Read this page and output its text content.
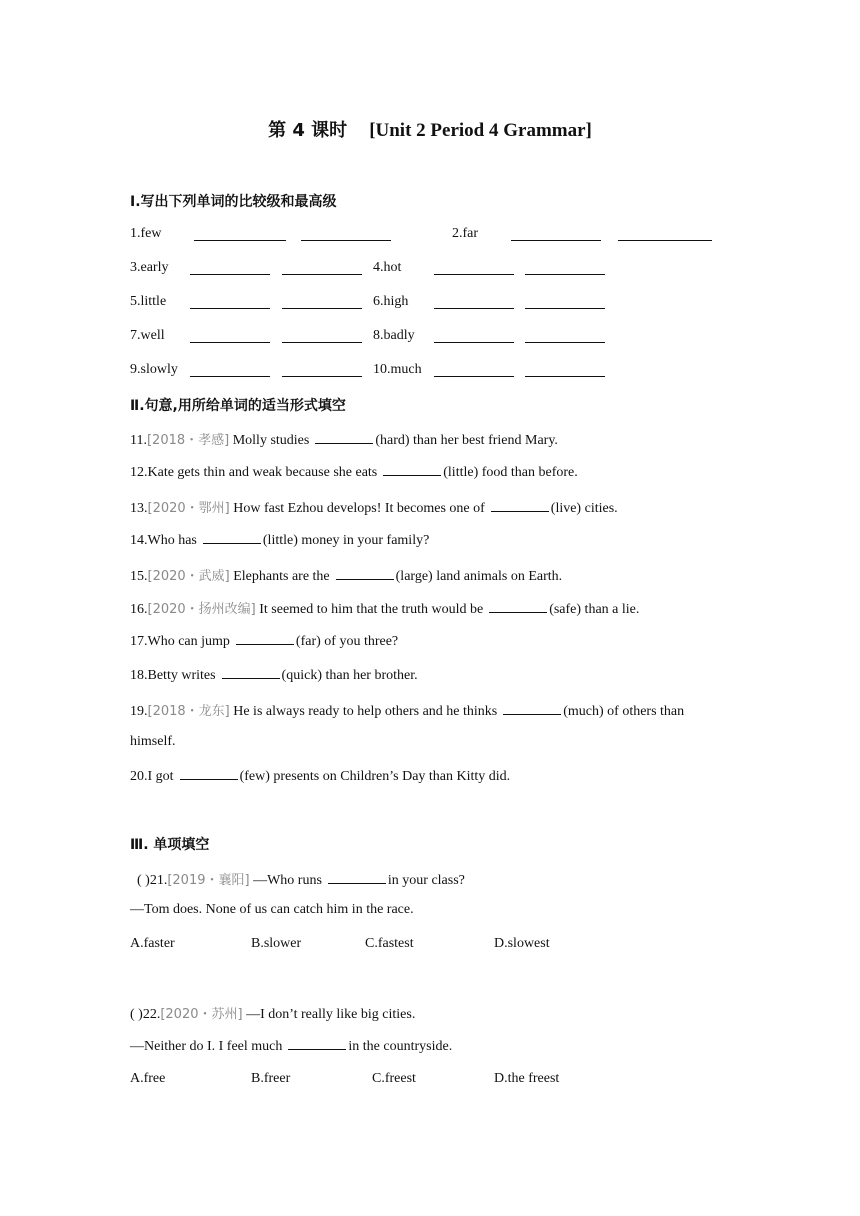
第 4 课时 [Unit 2 Period 4 Grammar]
Ⅰ.写出下列单词的比较级和最高级
1.few	2.far
3.early	4.hot
5.little	6.high
7.well	8.badly
9.slowly	10.much
Ⅱ.句意,用所给单词的适当形式填空
11.[2018・孝感] Molly studies	(hard) than her best friend Mary.
12.Kate gets thin and weak because she eats	(little) food than before.
13.[2020・鄂州] How fast Ezhou develops! It becomes one of	(live) cities.
14.Who has	(little) money in your family?
15.[2020・武威] Elephants are the	(large) land animals on Earth.
16.[2020・扬州改编] It seemed to him that the truth would be	(safe) than a lie.
17.Who can jump	(far) of you three?
18.Betty writes	(quick) than her brother.
19.[2018・龙东] He is always ready to help others and he thinks	(much) of others than
himself.
20.I got	(few) presents on Children’s Day than Kitty did.
Ⅲ. 单项填空
( )21.[2019・襄阳] —Who runs	in your class?
—Tom does. None of us can catch him in the race.
A.faster	B.slower	C.fastest	D.slowest
( )22.[2020・苏州] —I don’t really like big cities.
—Neither do I. I feel much	in the countryside.
A.free	B.freer	C.freest	D.the freest
